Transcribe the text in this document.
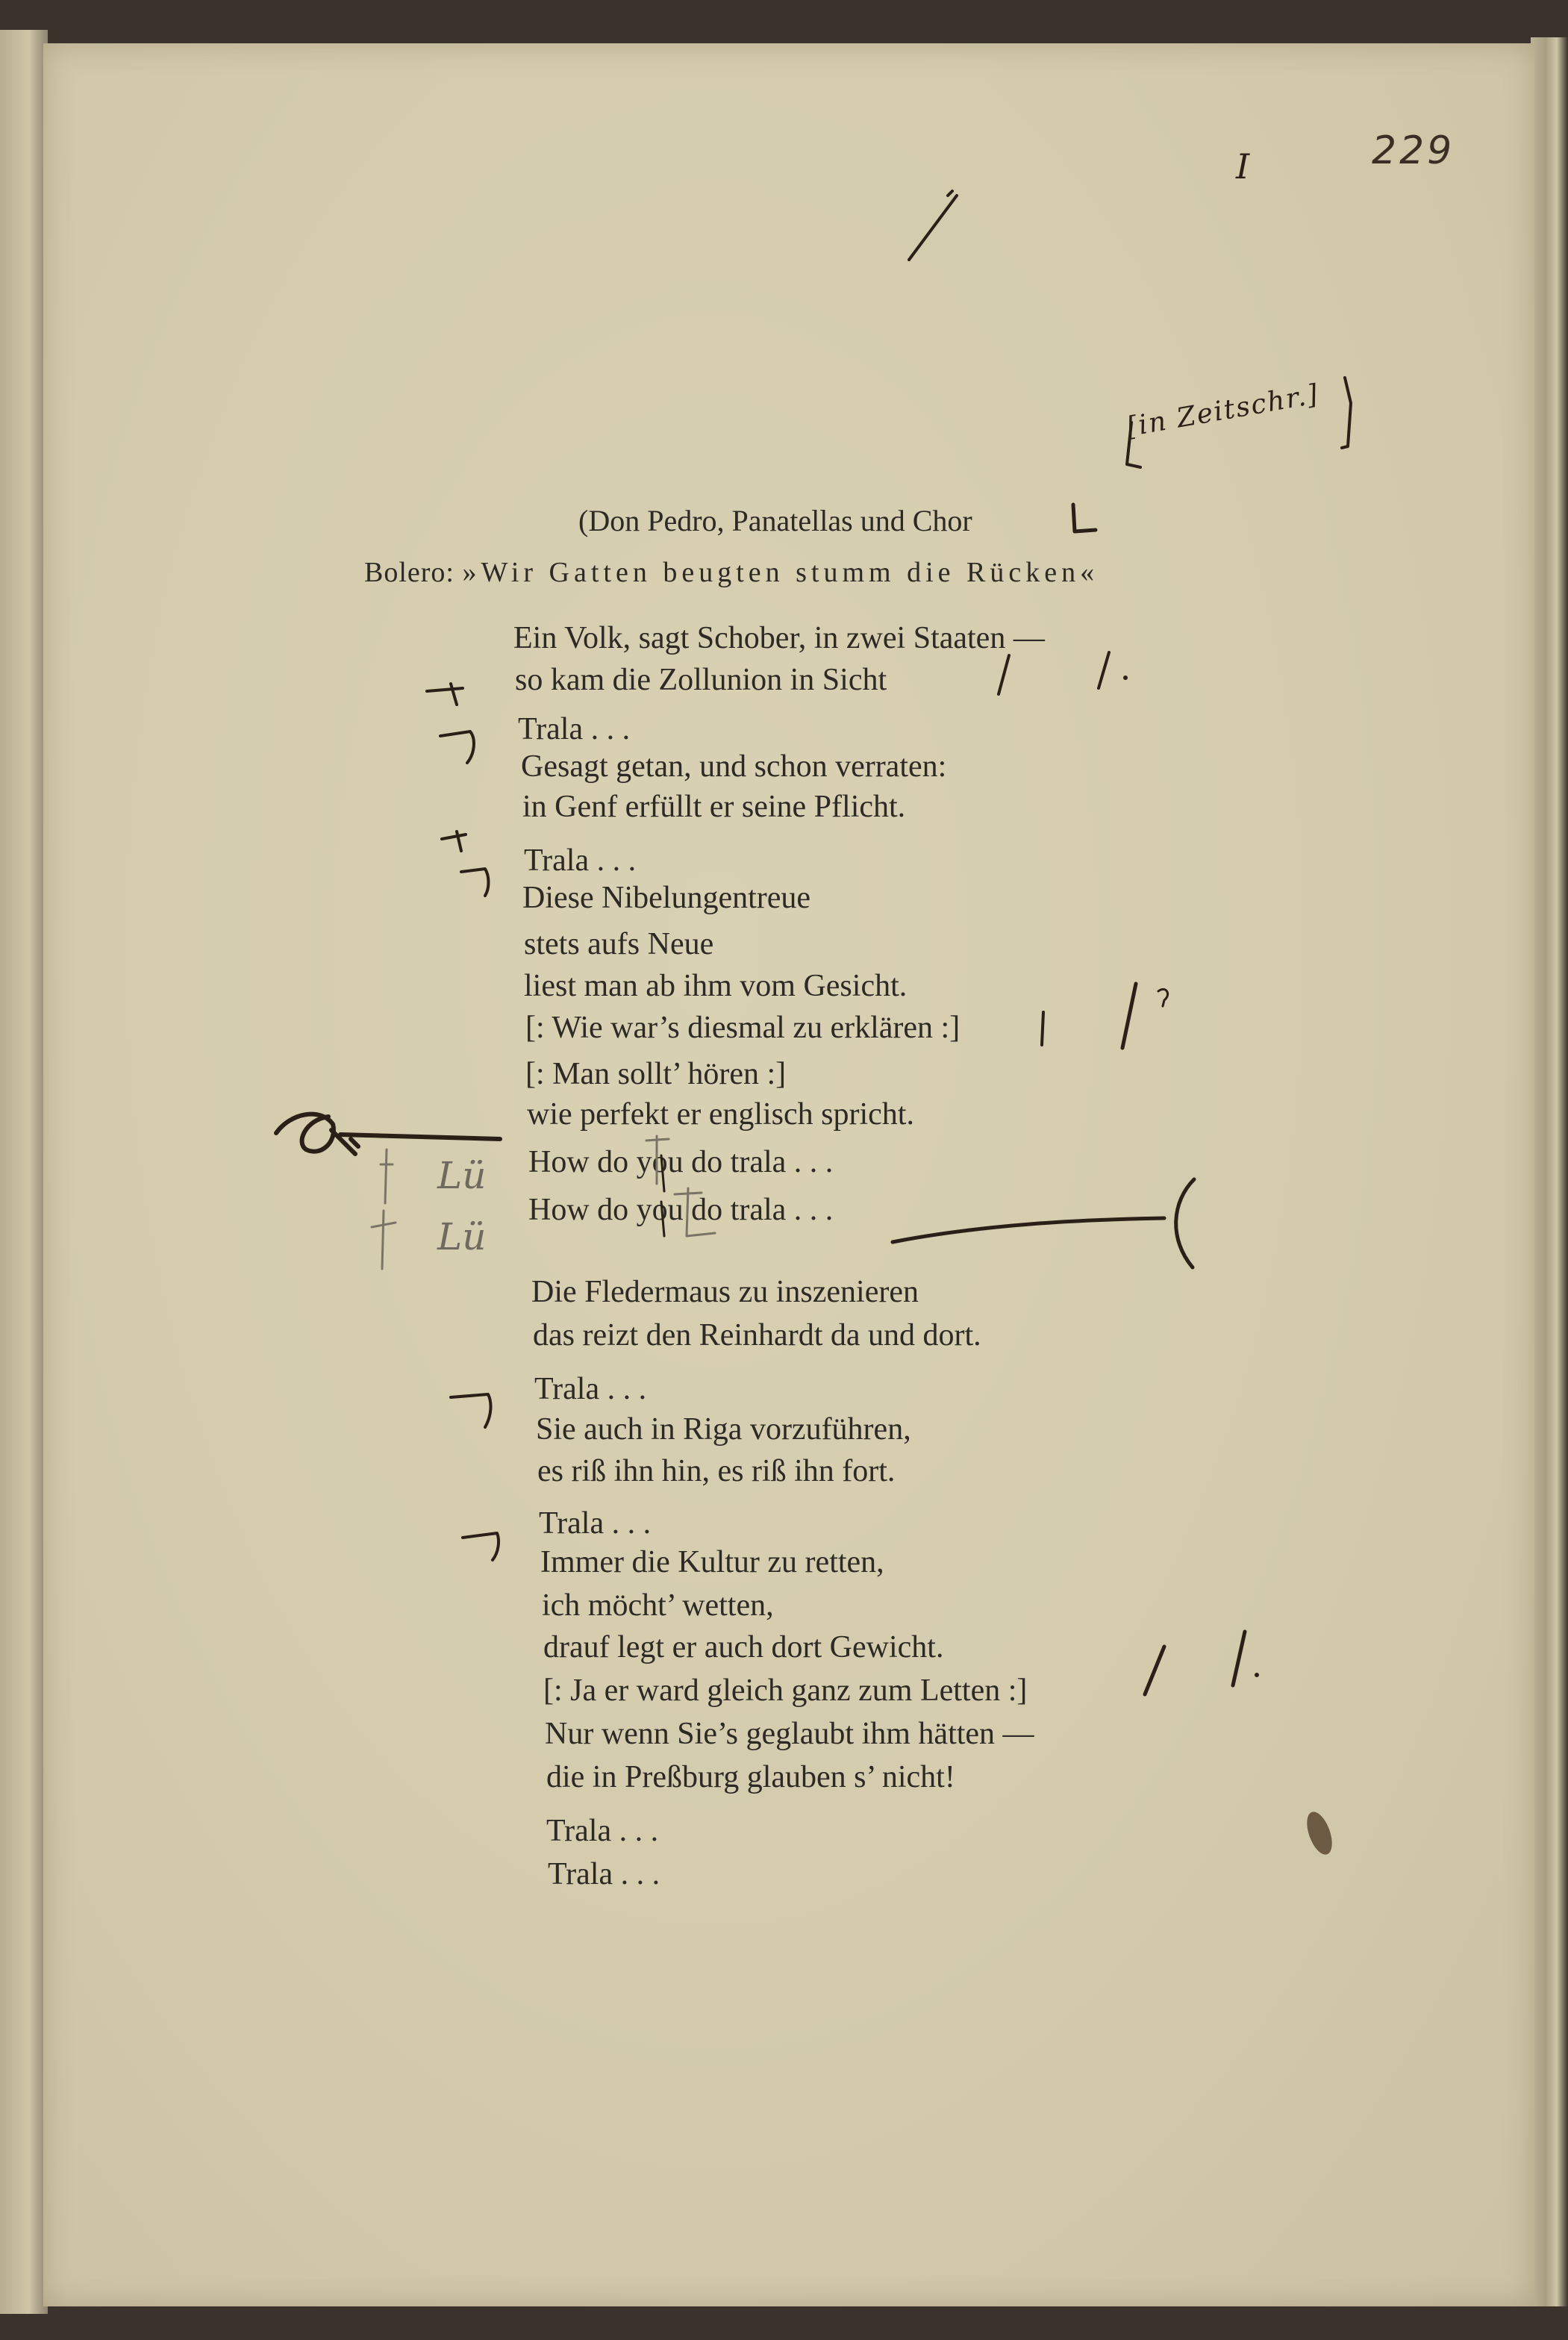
229
(Don Pedro, Panatellas und Chor
Bolero: »Wir Gatten beugten stumm die Rücken«
Ein Volk, sagt Schober, in zwei Staaten —
so kam die Zollunion in Sicht
Trala . . .
Gesagt getan, und schon verraten:
in Genf erfüllt er seine Pflicht.
Trala . . .
Diese Nibelungentreue
stets aufs Neue
liest man ab ihm vom Gesicht.
[: Wie war’s diesmal zu erklären :]
[: Man sollt’ hören :]
wie perfekt er englisch spricht.
How do you do trala . . .
How do you do trala . . .
Die Fledermaus zu inszenieren
das reizt den Reinhardt da und dort.
Trala . . .
Sie auch in Riga vorzuführen,
es riß ihn hin, es riß ihn fort.
Trala . . .
Immer die Kultur zu retten,
ich möcht’ wetten,
drauf legt er auch dort Gewicht.
[: Ja er ward gleich ganz zum Letten :]
Nur wenn Sie’s geglaubt ihm hätten —
die in Preßburg glauben s’ nicht!
Trala . . .
Trala . . .
I
[in Zeitschr.]
Lü
Lü
